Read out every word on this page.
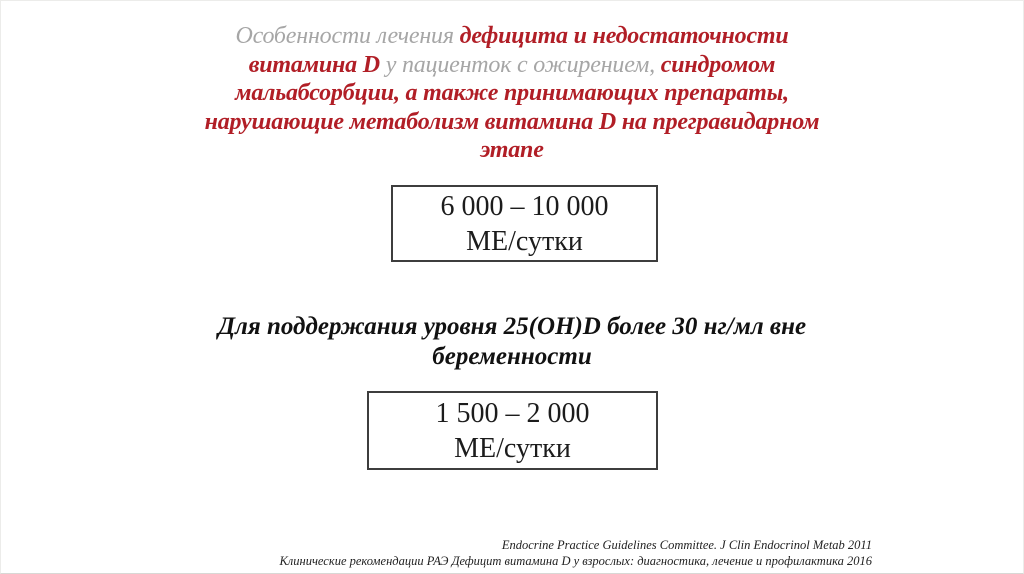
Особенности лечения дефицита и недостаточности
витамина D у пациенток с ожирением, синдромом
мальабсорбции, а также принимающих препараты,
нарушающие метаболизм витамина D на прегравидарном
этапе
6 000 – 10 000
МЕ/сутки
Для поддержания уровня 25(OH)D более 30 нг/мл вне
беременности
1 500 – 2 000
МЕ/сутки
Endocrine Practice Guidelines Committee. J Clin Endocrinol Metab 2011
Клинические рекомендации РАЭ Дефицит витамина D у взрослых: диагностика, лечение и профилактика 2016
